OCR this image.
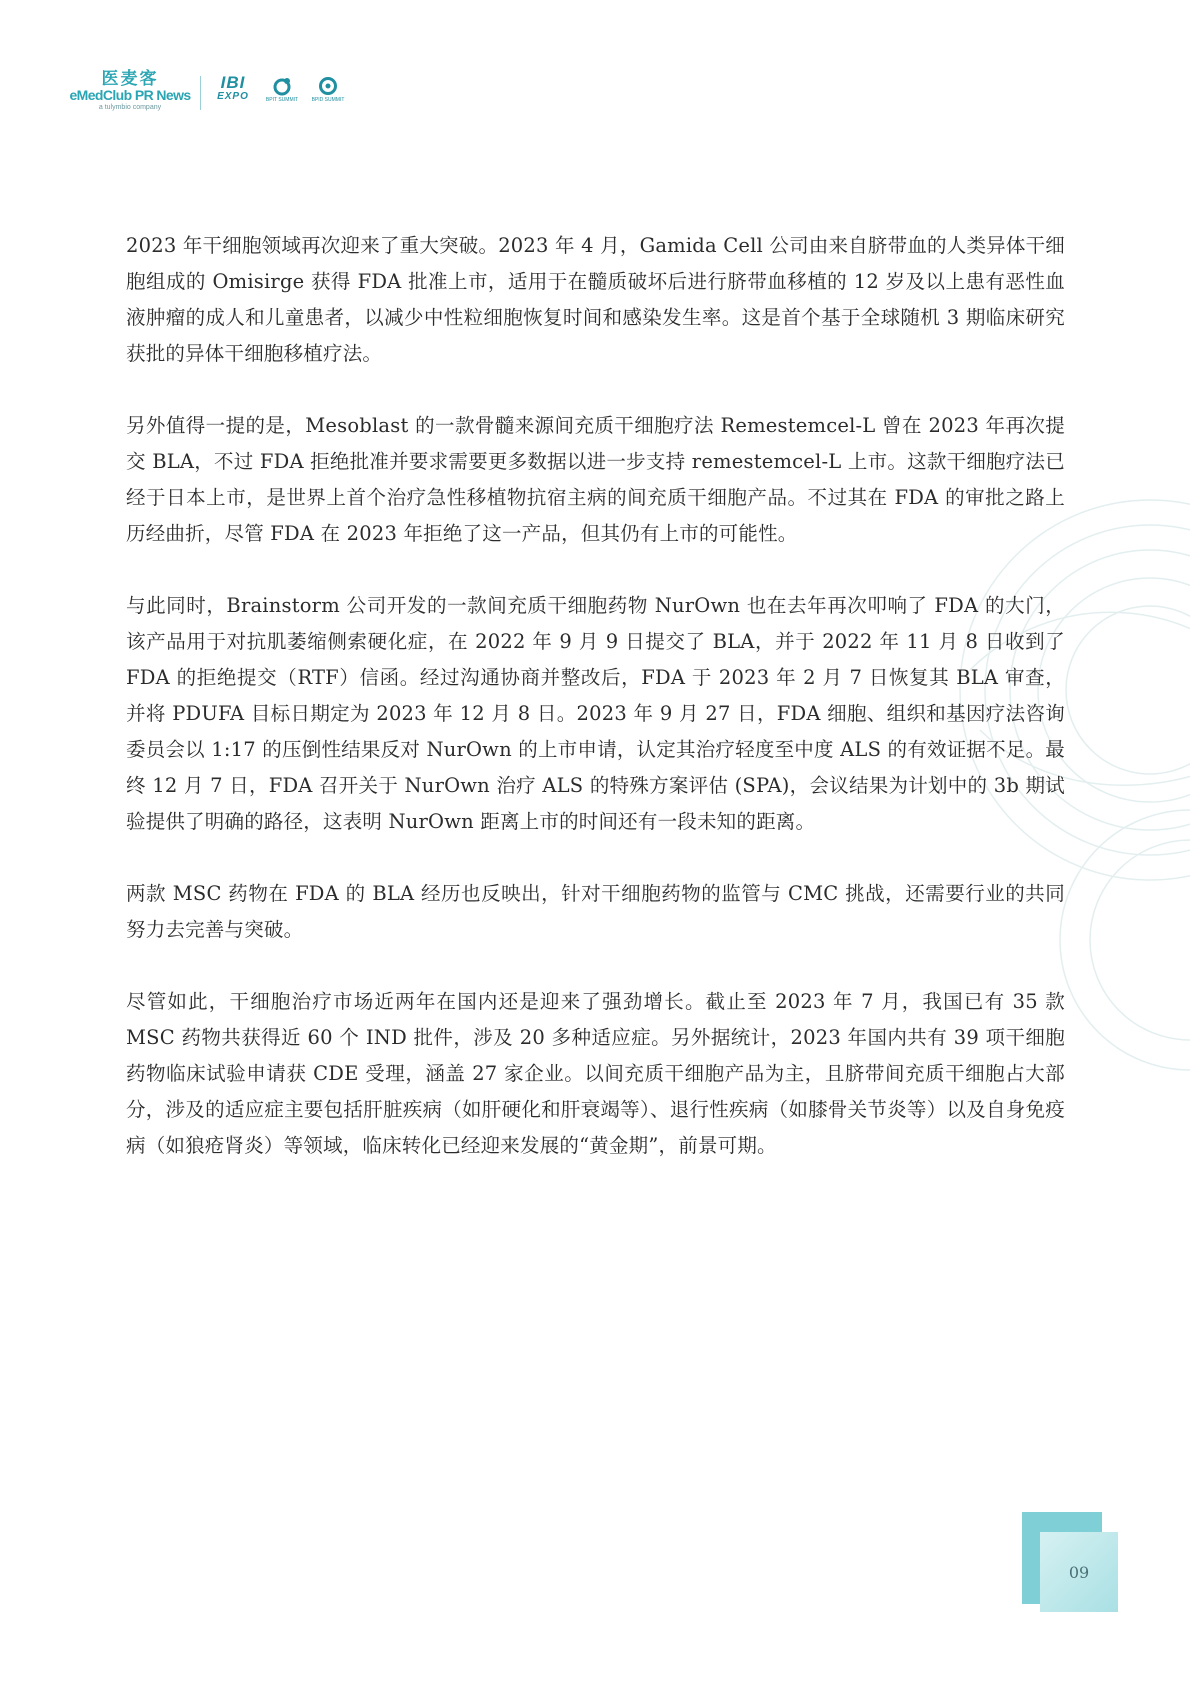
医麦客
eMedClub PR News
a tulymbio company
IBI
EXPO	BPIT SUMMIT	BPID SUMMIT

2023 年干细胞领域再次迎来了重大突破。2023 年 4 月，Gamida Cell 公司由来自脐带血的人类异体干细胞组成的 Omisirge 获得 FDA 批准上市，适用于在髓质破坏后进行脐带血移植的 12 岁及以上患有恶性血液肿瘤的成人和儿童患者，以减少中性粒细胞恢复时间和感染发生率。这是首个基于全球随机 3 期临床研究获批的异体干细胞移植疗法。

另外值得一提的是，Mesoblast 的一款骨髓来源间充质干细胞疗法 Remestemcel-L 曾在 2023 年再次提交 BLA，不过 FDA 拒绝批准并要求需要更多数据以进一步支持 remestemcel-L 上市。这款干细胞疗法已经于日本上市，是世界上首个治疗急性移植物抗宿主病的间充质干细胞产品。不过其在 FDA 的审批之路上历经曲折，尽管 FDA 在 2023 年拒绝了这一产品，但其仍有上市的可能性。

与此同时，Brainstorm 公司开发的一款间充质干细胞药物 NurOwn 也在去年再次叩响了 FDA 的大门，该产品用于对抗肌萎缩侧索硬化症，在 2022 年 9 月 9 日提交了 BLA，并于 2022 年 11 月 8 日收到了 FDA 的拒绝提交（RTF）信函。经过沟通协商并整改后，FDA 于 2023 年 2 月 7 日恢复其 BLA 审查，并将 PDUFA 目标日期定为 2023 年 12 月 8 日。2023 年 9 月 27 日，FDA 细胞、组织和基因疗法咨询委员会以 1:17 的压倒性结果反对 NurOwn 的上市申请，认定其治疗轻度至中度 ALS 的有效证据不足。最终 12 月 7 日，FDA 召开关于 NurOwn 治疗 ALS 的特殊方案评估 (SPA)，会议结果为计划中的 3b 期试验提供了明确的路径，这表明 NurOwn 距离上市的时间还有一段未知的距离。

两款 MSC 药物在 FDA 的 BLA 经历也反映出，针对干细胞药物的监管与 CMC 挑战，还需要行业的共同努力去完善与突破。

尽管如此，干细胞治疗市场近两年在国内还是迎来了强劲增长。截止至 2023 年 7 月，我国已有 35 款 MSC 药物共获得近 60 个 IND 批件，涉及 20 多种适应症。另外据统计，2023 年国内共有 39 项干细胞药物临床试验申请获 CDE 受理，涵盖 27 家企业。以间充质干细胞产品为主，且脐带间充质干细胞占大部分，涉及的适应症主要包括肝脏疾病（如肝硬化和肝衰竭等）、退行性疾病（如膝骨关节炎等）以及自身免疫病（如狼疮肾炎）等领域，临床转化已经迎来发展的“黄金期”，前景可期。

09
